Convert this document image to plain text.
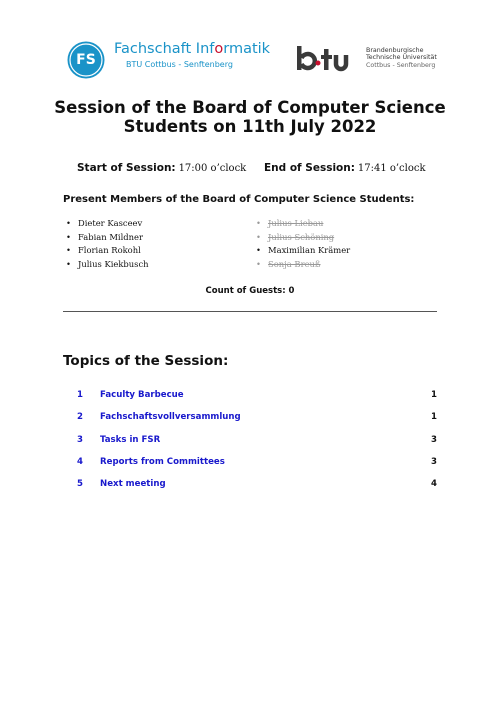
FS
Fachschaft Informatik
BTU Cottbus - Senftenberg
Brandenburgische
Technische Universität
Cottbus - Senftenberg
Session of the Board of Computer Science
Students on 11th July 2022
Start of Session: 17:00 o’clock End of Session: 17:41 o’clock
Present Members of the Board of Computer Science Students:
• Dieter Kasceev
• Fabian Mildner
• Florian Rokohl
• Julius Kiekbusch
• Julius Liebau
• Julius Schöning
• Maximilian Krämer
• Sonja Breuß
Count of Guests: 0
Topics of the Session:
1 Faculty Barbecue	1
2 Fachschaftsvollversammlung	1
3 Tasks in FSR	3
4 Reports from Committees	3
5 Next meeting	4
